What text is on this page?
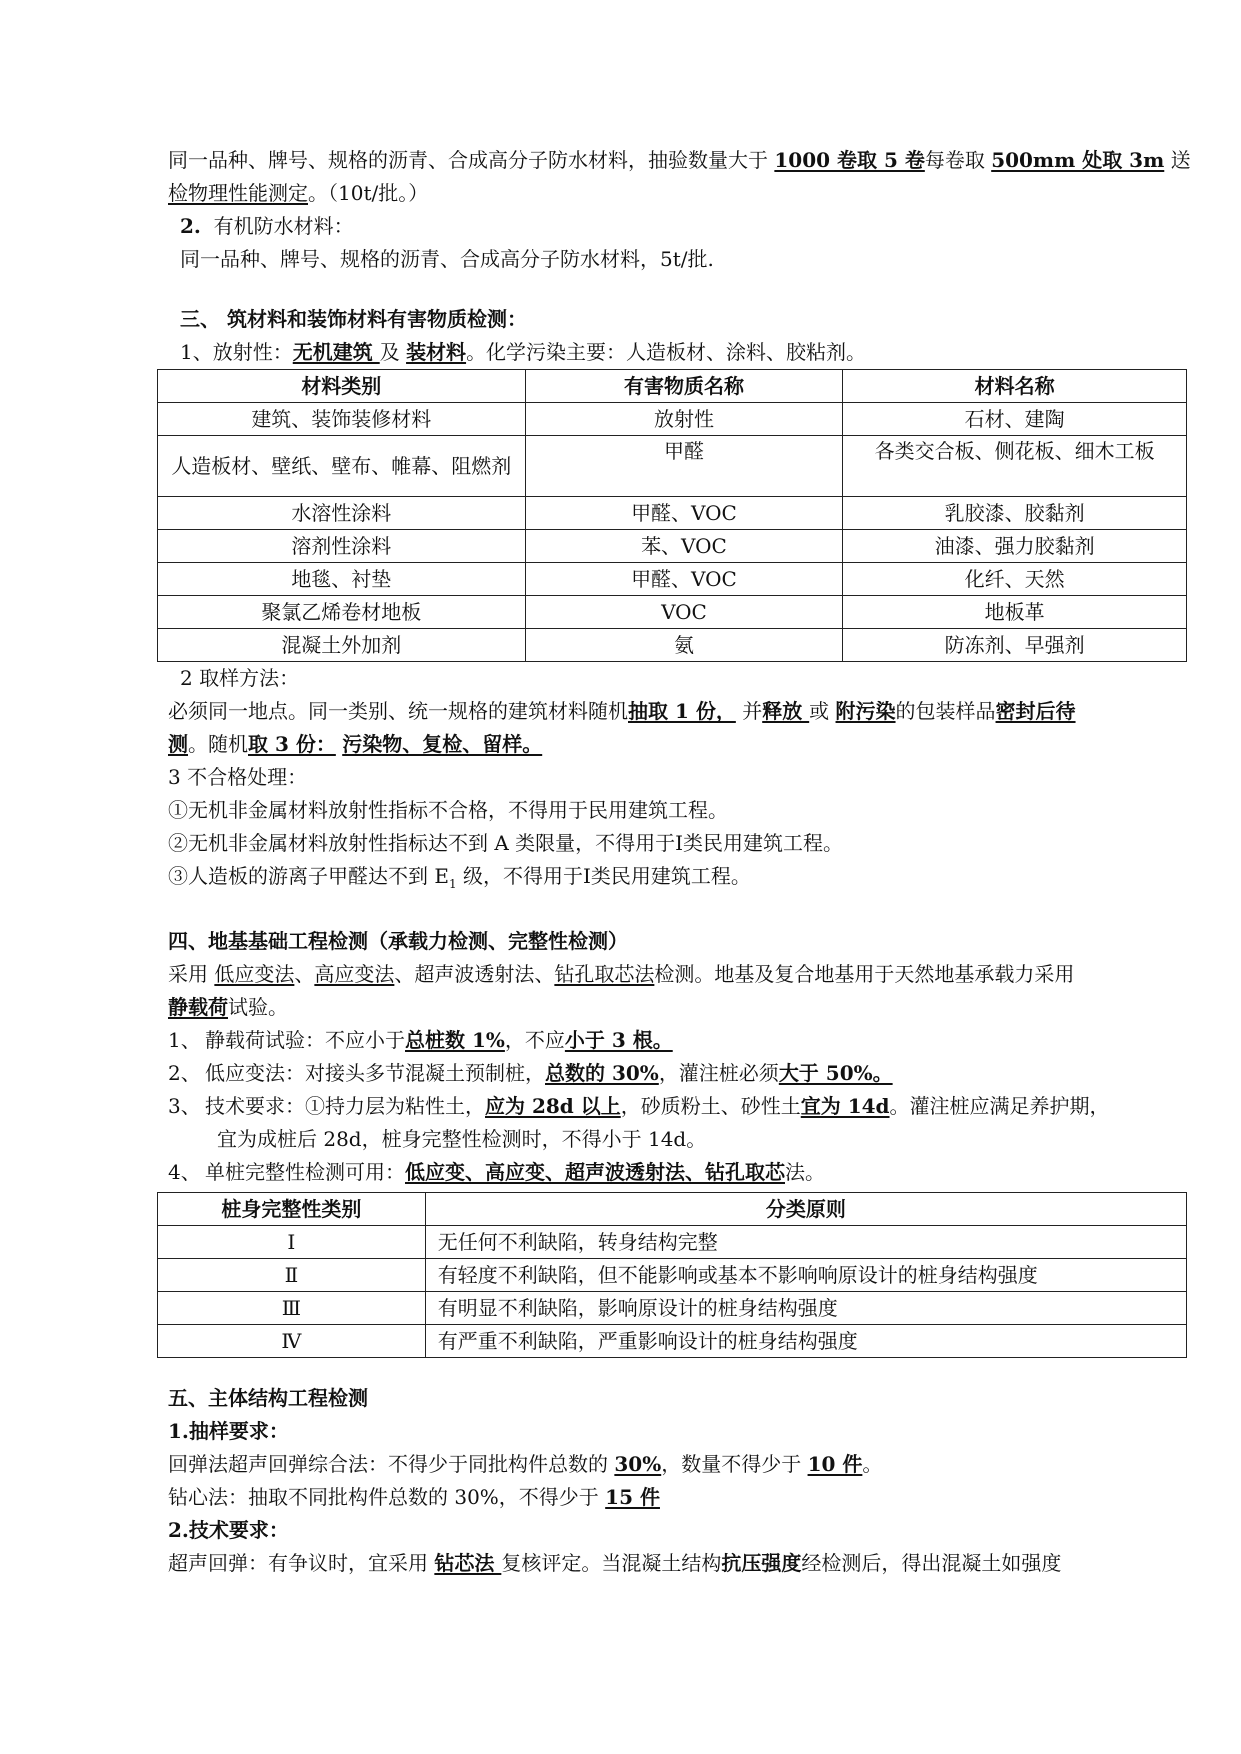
同一品种、牌号、规格的沥青、合成高分子防水材料，抽验数量大于 1000 卷取 5 卷每卷取 500mm 处取 3m 送

检物理性能测定。（10t/批。）

2. 有机防水材料：

同一品种、牌号、规格的沥青、合成高分子防水材料，5t/批.

三、 筑材料和装饰材料有害物质检测：

1、放射性：无机建筑 及 装材料。化学污染主要：人造板材、涂料、胶粘剂。

材料类别	有害物质名称	材料名称
建筑、装饰装修材料	放射性	石材、建陶
人造板材、壁纸、壁布、帷幕、阻燃剂	甲醛	各类交合板、侧花板、细木工板
水溶性涂料	甲醛、VOC	乳胶漆、胶黏剂
溶剂性涂料	苯、VOC	油漆、强力胶黏剂
地毯、衬垫	甲醛、VOC	化纤、天然
聚氯乙烯卷材地板	VOC	地板革
混凝土外加剂	氨	防冻剂、早强剂

2 取样方法：

必须同一地点。同一类别、统一规格的建筑材料随机抽取 1 份， 并释放 或 附污染的包装样品密封后待

测。随机取 3 份： 污染物、复检、留样。

3 不合格处理：

①无机非金属材料放射性指标不合格，不得用于民用建筑工程。

②无机非金属材料放射性指标达不到 A 类限量，不得用于Ⅰ类民用建筑工程。

③人造板的游离子甲醛达不到 $E_1$ 级，不得用于Ⅰ类民用建筑工程。

四、地基基础工程检测（承载力检测、完整性检测）

采用 低应变法、高应变法、超声波透射法、钻孔取芯法检测。地基及复合地基用于天然地基承载力采用

静载荷试验。

1、 静载荷试验：不应小于总桩数 1%，不应小于 3 根。

2、 低应变法：对接头多节混凝土预制桩，总数的 30%，灌注桩必须大于 50%。

3、 技术要求：①持力层为粘性土，应为 28d 以上，砂质粉土、砂性土宜为 14d。灌注桩应满足养护期，

宜为成桩后 28d，桩身完整性检测时，不得小于 14d。

4、 单桩完整性检测可用：低应变、高应变、超声波透射法、钻孔取芯法。

桩身完整性类别	分类原则
Ⅰ	无任何不利缺陷，转身结构完整
Ⅱ	有轻度不利缺陷，但不能影响或基本不影响响原设计的桩身结构强度
Ⅲ	有明显不利缺陷，影响原设计的桩身结构强度
Ⅳ	有严重不利缺陷，严重影响设计的桩身结构强度

五、主体结构工程检测

1.抽样要求：

回弹法超声回弹综合法：不得少于同批构件总数的 30%，数量不得少于 10 件。

钻心法：抽取不同批构件总数的 30%，不得少于 15 件

2.技术要求：

超声回弹：有争议时，宜采用 钻芯法 复核评定。当混凝土结构抗压强度经检测后，得出混凝土如强度
